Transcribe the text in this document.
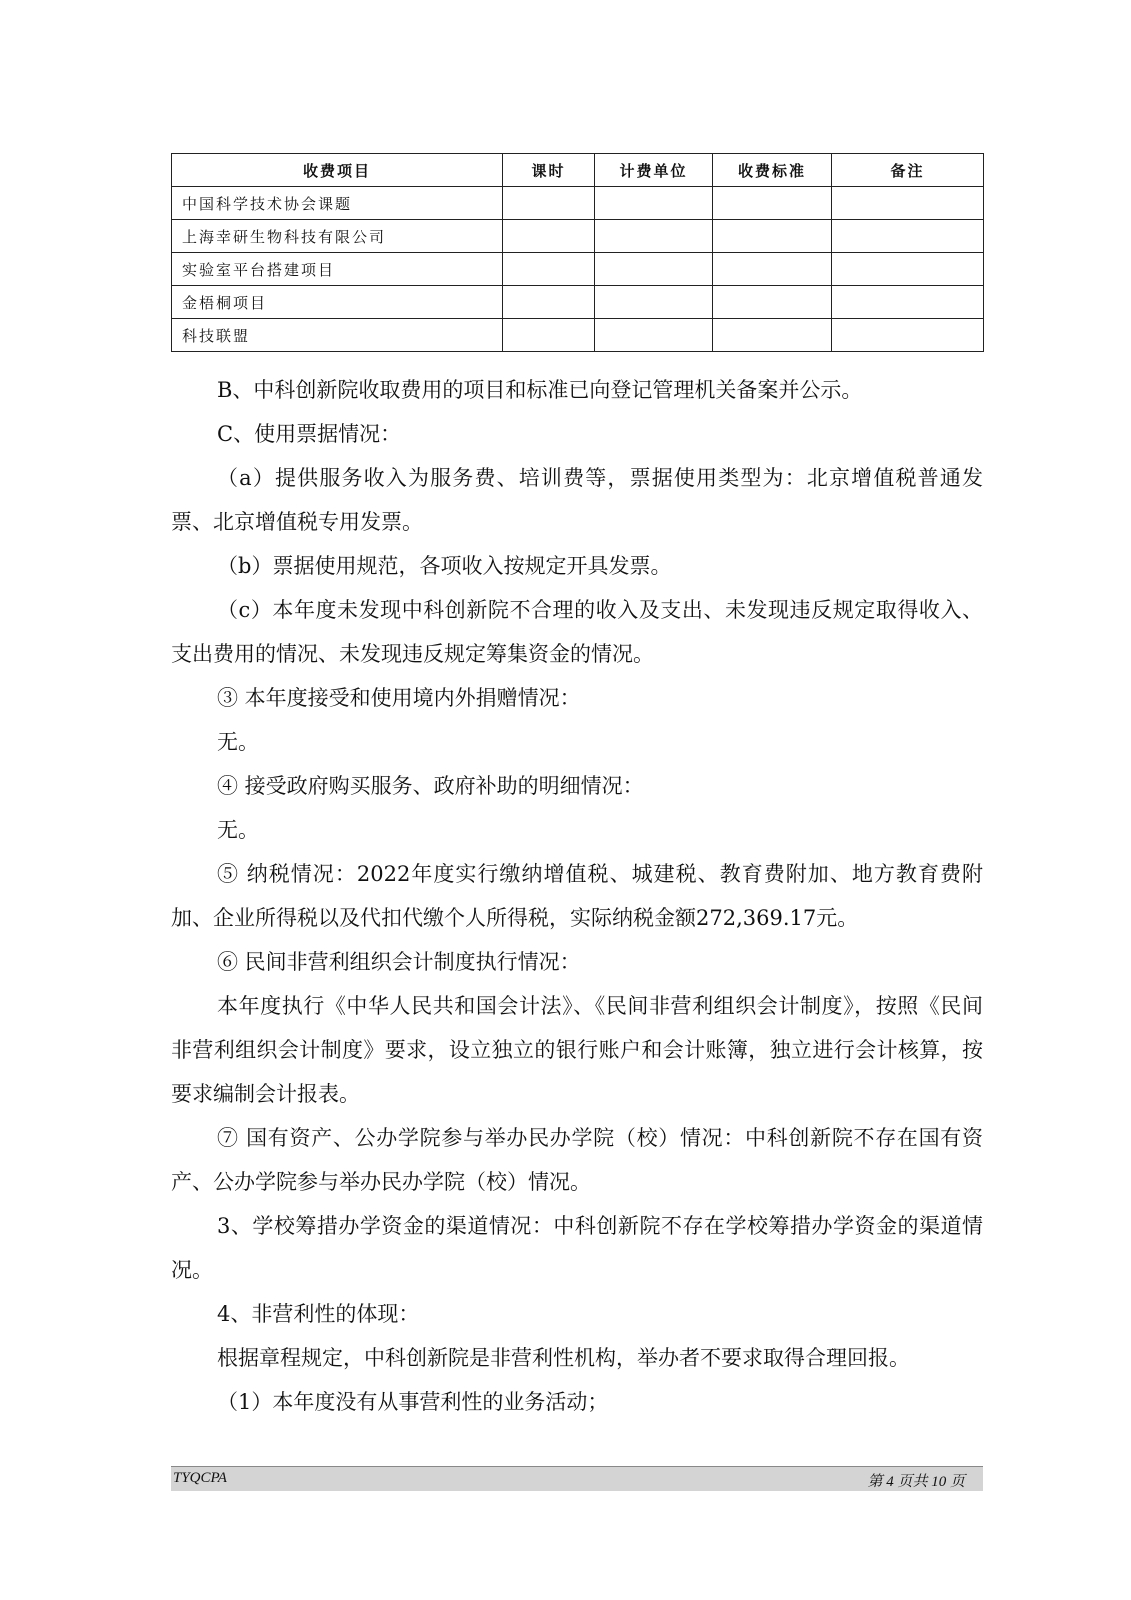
收费项目	课时	计费单位	收费标准	备注
中国科学技术协会课题				
上海幸研生物科技有限公司				
实验室平台搭建项目				
金梧桐项目				
科技联盟				

B、中科创新院收取费用的项目和标准已向登记管理机关备案并公示。

C、使用票据情况：

（a）提供服务收入为服务费、培训费等，票据使用类型为：北京增值税普通发票、北京增值税专用发票。

（b）票据使用规范，各项收入按规定开具发票。

（c）本年度未发现中科创新院不合理的收入及支出、未发现违反规定取得收入、支出费用的情况、未发现违反规定筹集资金的情况。

③ 本年度接受和使用境内外捐赠情况：

无。

④ 接受政府购买服务、政府补助的明细情况：

无。

⑤ 纳税情况：2022年度实行缴纳增值税、城建税、教育费附加、地方教育费附加、企业所得税以及代扣代缴个人所得税，实际纳税金额272,369.17元。

⑥ 民间非营利组织会计制度执行情况：

本年度执行《中华人民共和国会计法》、《民间非营利组织会计制度》，按照《民间非营利组织会计制度》要求，设立独立的银行账户和会计账簿，独立进行会计核算，按要求编制会计报表。

⑦ 国有资产、公办学院参与举办民办学院（校）情况：中科创新院不存在国有资产、公办学院参与举办民办学院（校）情况。

3、学校筹措办学资金的渠道情况：中科创新院不存在学校筹措办学资金的渠道情况。

4、非营利性的体现：

根据章程规定，中科创新院是非营利性机构，举办者不要求取得合理回报。

（1）本年度没有从事营利性的业务活动；

TYQCPA	第 4 页共 10 页
